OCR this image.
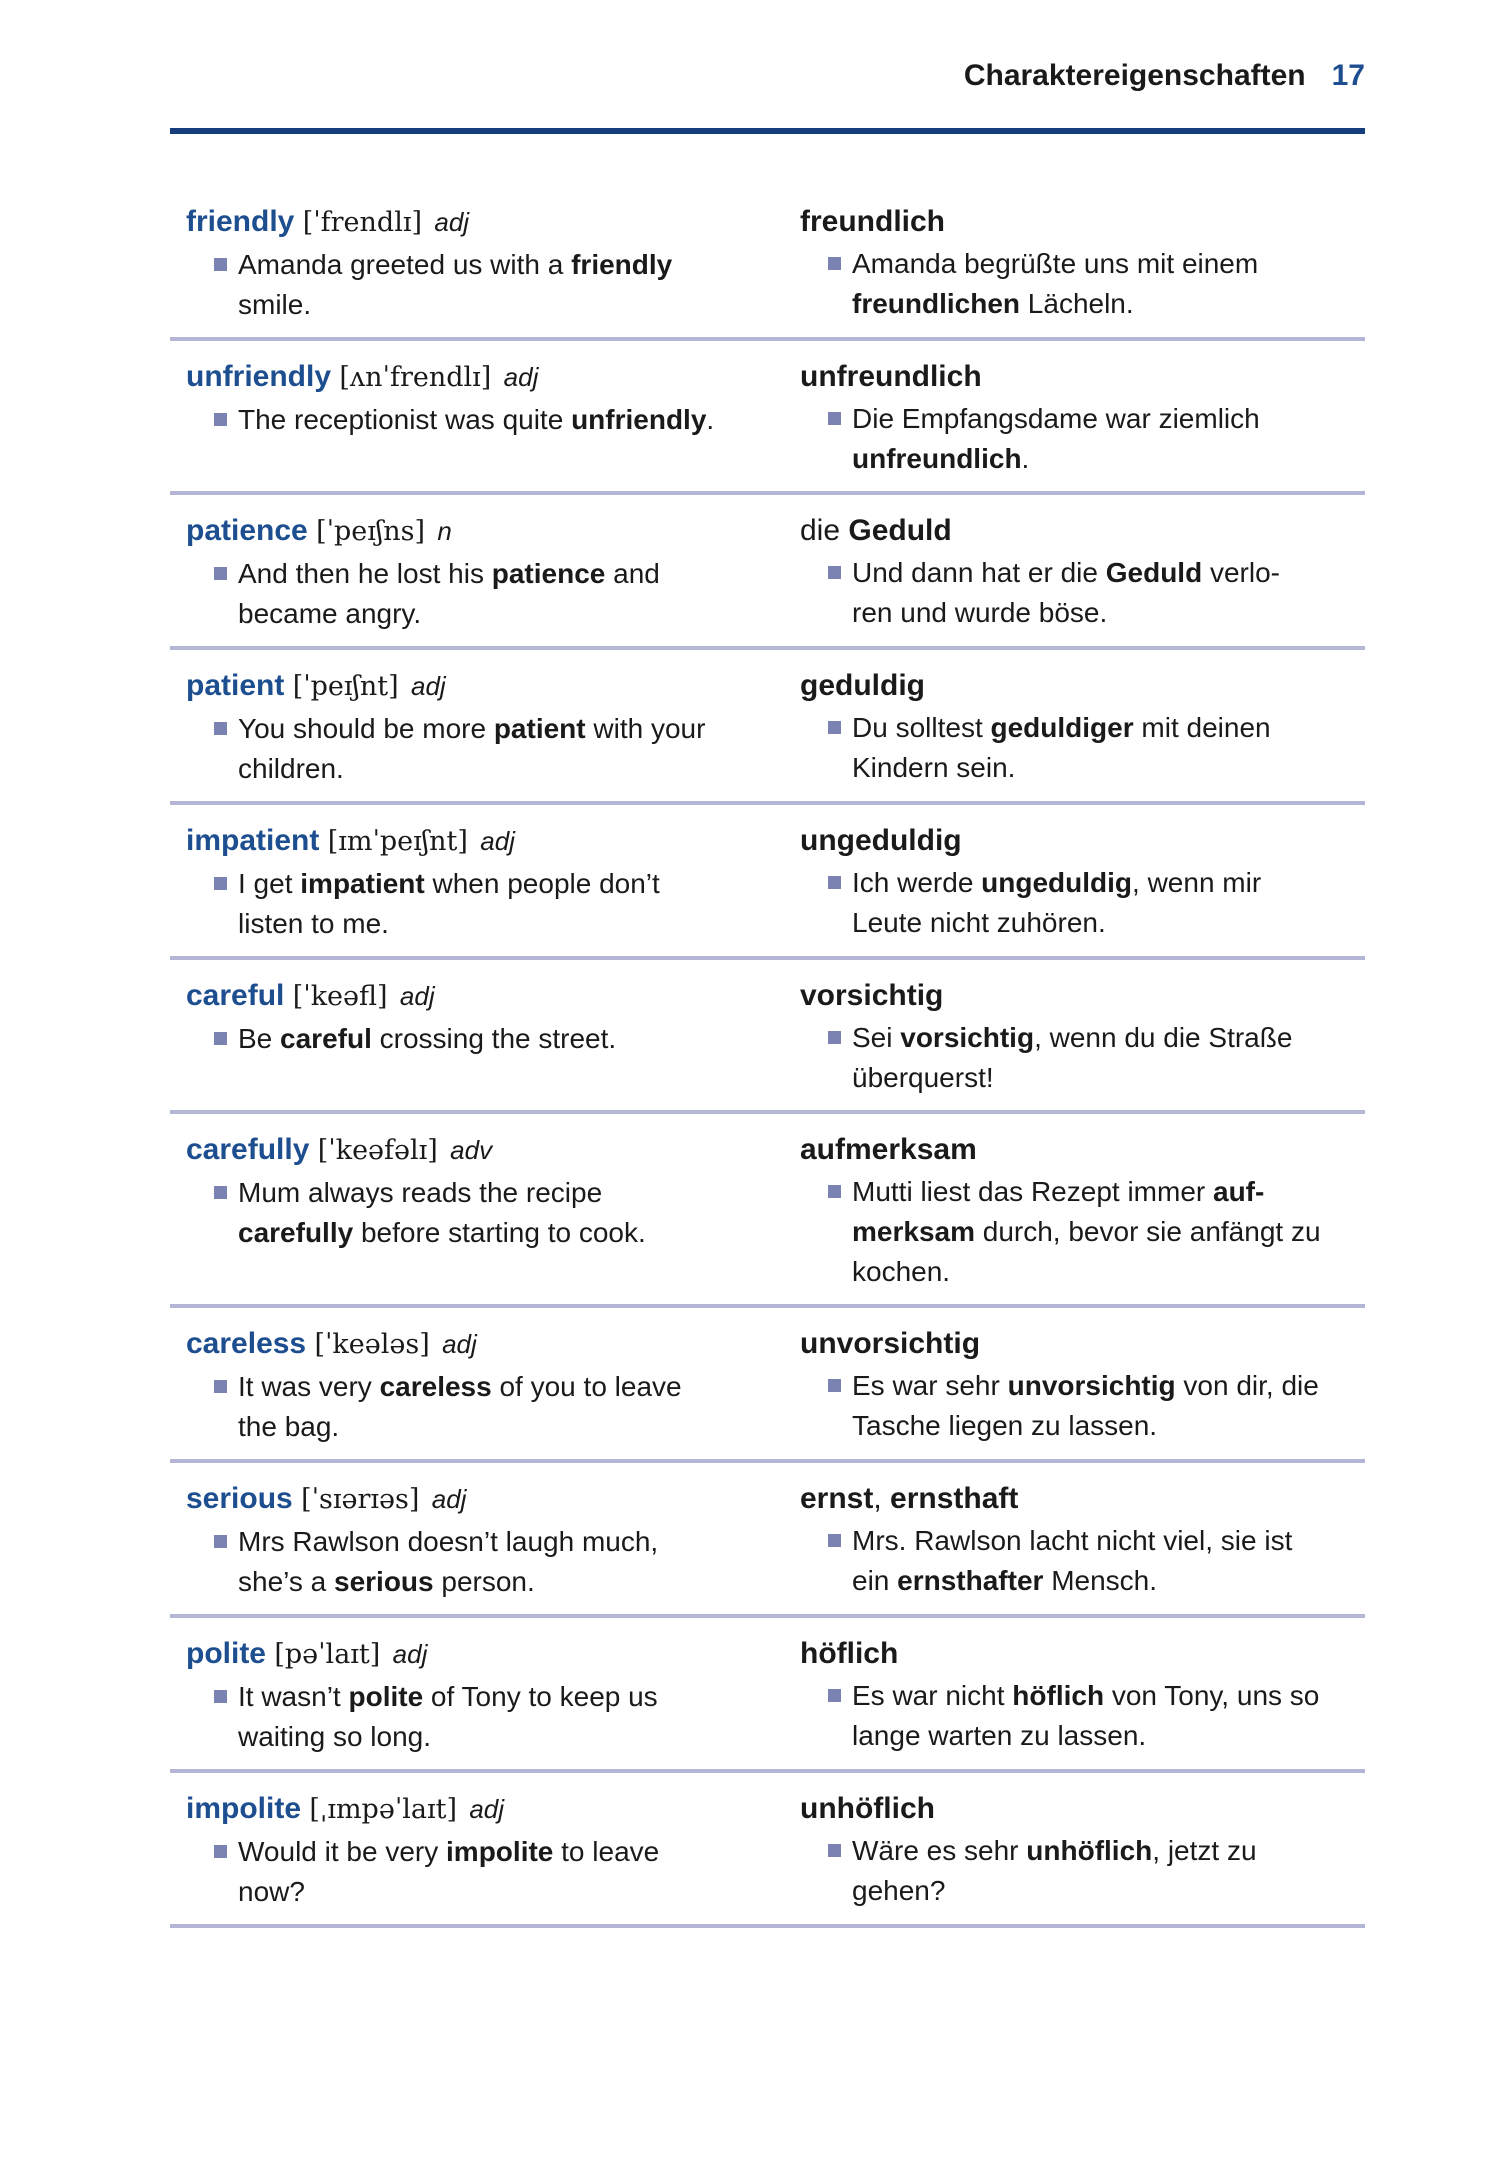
Charaktereigenschaften 17
friendly [ˈfrendlɪ] adj
Amanda greeted us with a friendly smile.
freundlich
Amanda begrüßte uns mit einem freundlichen Lächeln.
unfriendly [ʌnˈfrendlɪ] adj
The receptionist was quite unfriendly.
unfreundlich
Die Empfangsdame war ziemlich unfreundlich.
patience [ˈpeɪʃns] n
And then he lost his patience and became angry.
die Geduld
Und dann hat er die Geduld verlo-
ren und wurde böse.
patient [ˈpeɪʃnt] adj
You should be more patient with your children.
geduldig
Du solltest geduldiger mit deinen Kindern sein.
impatient [ɪmˈpeɪʃnt] adj
I get impatient when people don’t listen to me.
ungeduldig
Ich werde ungeduldig, wenn mir Leute nicht zuhören.
careful [ˈkeəfl] adj
Be careful crossing the street.
vorsichtig
Sei vorsichtig, wenn du die Straße überquerst!
carefully [ˈkeəfəlɪ] adv
Mum always reads the recipe carefully before starting to cook.
aufmerksam
Mutti liest das Rezept immer auf-
merksam durch, bevor sie anfängt zu kochen.
careless [ˈkeələs] adj
It was very careless of you to leave the bag.
unvorsichtig
Es war sehr unvorsichtig von dir, die Tasche liegen zu lassen.
serious [ˈsɪərɪəs] adj
Mrs Rawlson doesn’t laugh much, she’s a serious person.
ernst, ernsthaft
Mrs. Rawlson lacht nicht viel, sie ist ein ernsthafter Mensch.
polite [pəˈlaɪt] adj
It wasn’t polite of Tony to keep us waiting so long.
höflich
Es war nicht höflich von Tony, uns so lange warten zu lassen.
impolite [ˌɪmpəˈlaɪt] adj
Would it be very impolite to leave now?
unhöflich
Wäre es sehr unhöflich, jetzt zu gehen?
